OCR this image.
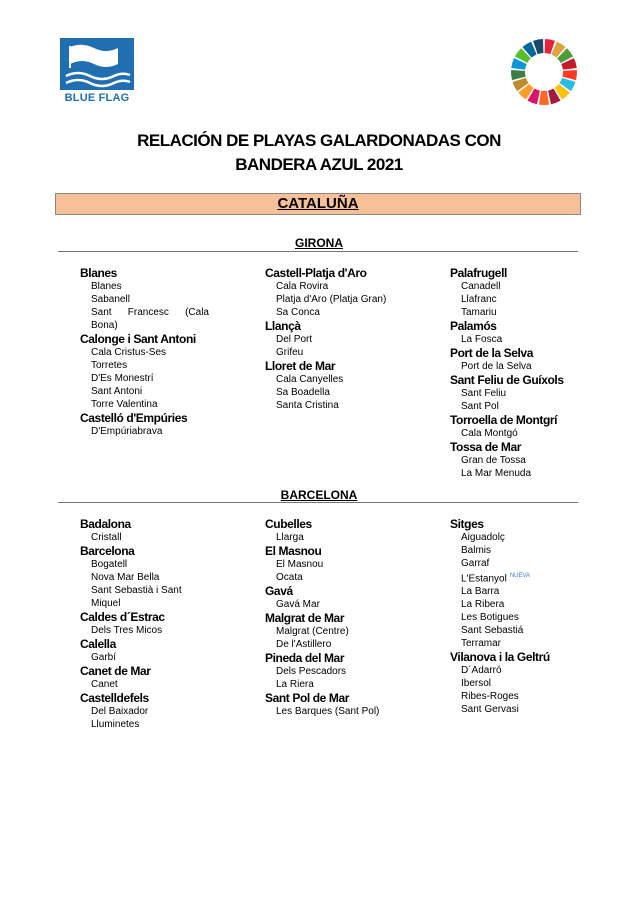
BLUE FLAG
RELACIÓN DE PLAYAS GALARDONADAS CON
BANDERA AZUL 2021
CATALUÑA
GIRONA
Blanes
Blanes
Sabanell
Sant Francesc (Cala Bona)
Calonge i Sant Antoni
Cala Cristus-Ses Torretes
D'Es Monestrí
Sant Antoni
Torre Valentina
Castelló d'Empúries
D'Empúriabrava
Castell-Platja d'Aro
Cala Rovira
Platja d'Aro (Platja Gran)
Sa Conca
Llançà
Del Port
Grifeu
Lloret de Mar
Cala Canyelles
Sa Boadella
Santa Cristina
Palafrugell
Canadell
Llafranc
Tamariu
Palamós
La Fosca
Port de la Selva
Port de la Selva
Sant Feliu de Guíxols
Sant Feliu
Sant Pol
Torroella de Montgrí
Cala Montgó
Tossa de Mar
Gran de Tossa
La Mar Menuda
BARCELONA
Badalona
Cristall
Barcelona
Bogatell
Nova Mar Bella
Sant Sebastià i Sant Miquel
Caldes d´Estrac
Dels Tres Micos
Calella
Garbí
Canet de Mar
Canet
Castelldefels
Del Baixador
Lluminetes
Cubelles
Llarga
El Masnou
El Masnou
Ocata
Gavá
Gavá Mar
Malgrat de Mar
Malgrat (Centre)
De l'Astillero
Pineda del Mar
Dels Pescadors
La Riera
Sant Pol de Mar
Les Barques (Sant Pol)
Sitges
Aiguadolç
Balmis
Garraf
L'Estanyol $^{NUEVA}$
La Barra
La Ribera
Les Botigues
Sant Sebastiá
Terramar
Vilanova i la Geltrú
D´Adarró
Ibersol
Ribes-Roges
Sant Gervasi
